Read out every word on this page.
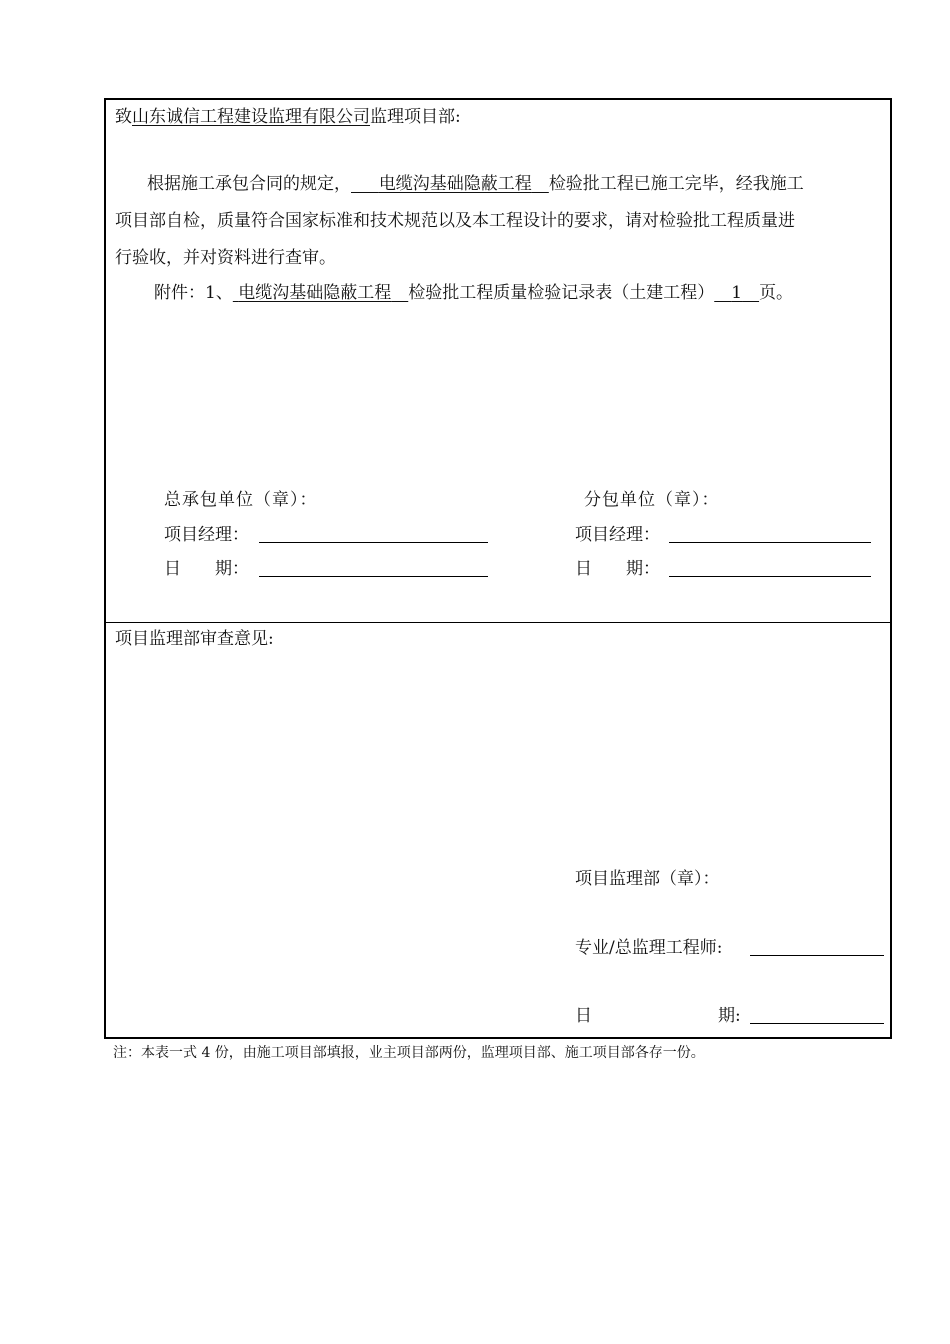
致山东诚信工程建设监理有限公司监理项目部:
根据施工承包合同的规定，  电缆沟基础隐蔽工程  检验批工程已施工完毕，经我施工
项目部自检，质量符合国家标准和技术规范以及本工程设计的要求，请对检验批工程质量进
行验收，并对资料进行查审。
附件：1、 电缆沟基础隐蔽工程  检验批工程质量检验记录表（土建工程）  1  页。
总承包单位（章）：
项目经理：
日　　期：
分包单位（章）：
项目经理：
日　　期：
项目监理部审查意见:
项目监理部（章）：
专业/总监理工程师:
日	期:
注：本表一式 4 份，由施工项目部填报，业主项目部两份，监理项目部、施工项目部各存一份。
